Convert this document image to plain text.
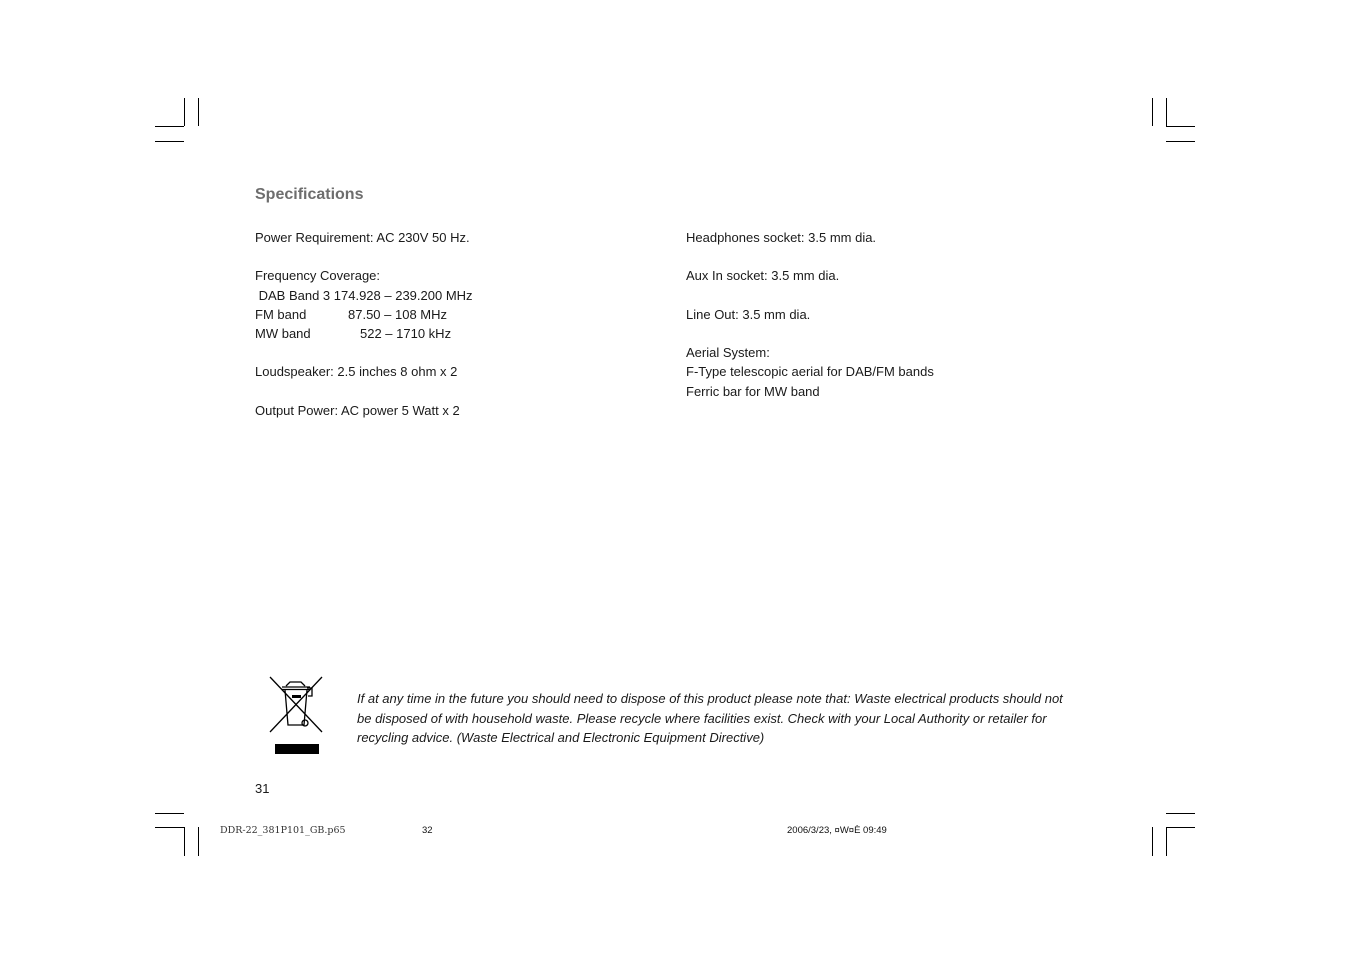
Specifications
Power Requirement: AC 230V 50 Hz.
Frequency Coverage:
DAB Band 3 174.928 – 239.200 MHz
FM band	87.50 – 108 MHz
MW band	522 – 1710 kHz
Loudspeaker: 2.5 inches 8 ohm x 2
Output Power: AC power 5 Watt x 2
Headphones socket: 3.5 mm dia.
Aux In socket: 3.5 mm dia.
Line Out: 3.5 mm dia.
Aerial System:
F-Type telescopic aerial for DAB/FM bands
Ferric bar for MW band
If at any time in the future you should need to dispose of this product please note that: Waste electrical products should not
be disposed of with household waste. Please recycle where facilities exist. Check with your Local Authority or retailer for
recycling advice. (Waste Electrical and Electronic Equipment Directive)
31
DDR-22_381P101_GB.p65	32	2006/3/23, ¤W¤È 09:49
